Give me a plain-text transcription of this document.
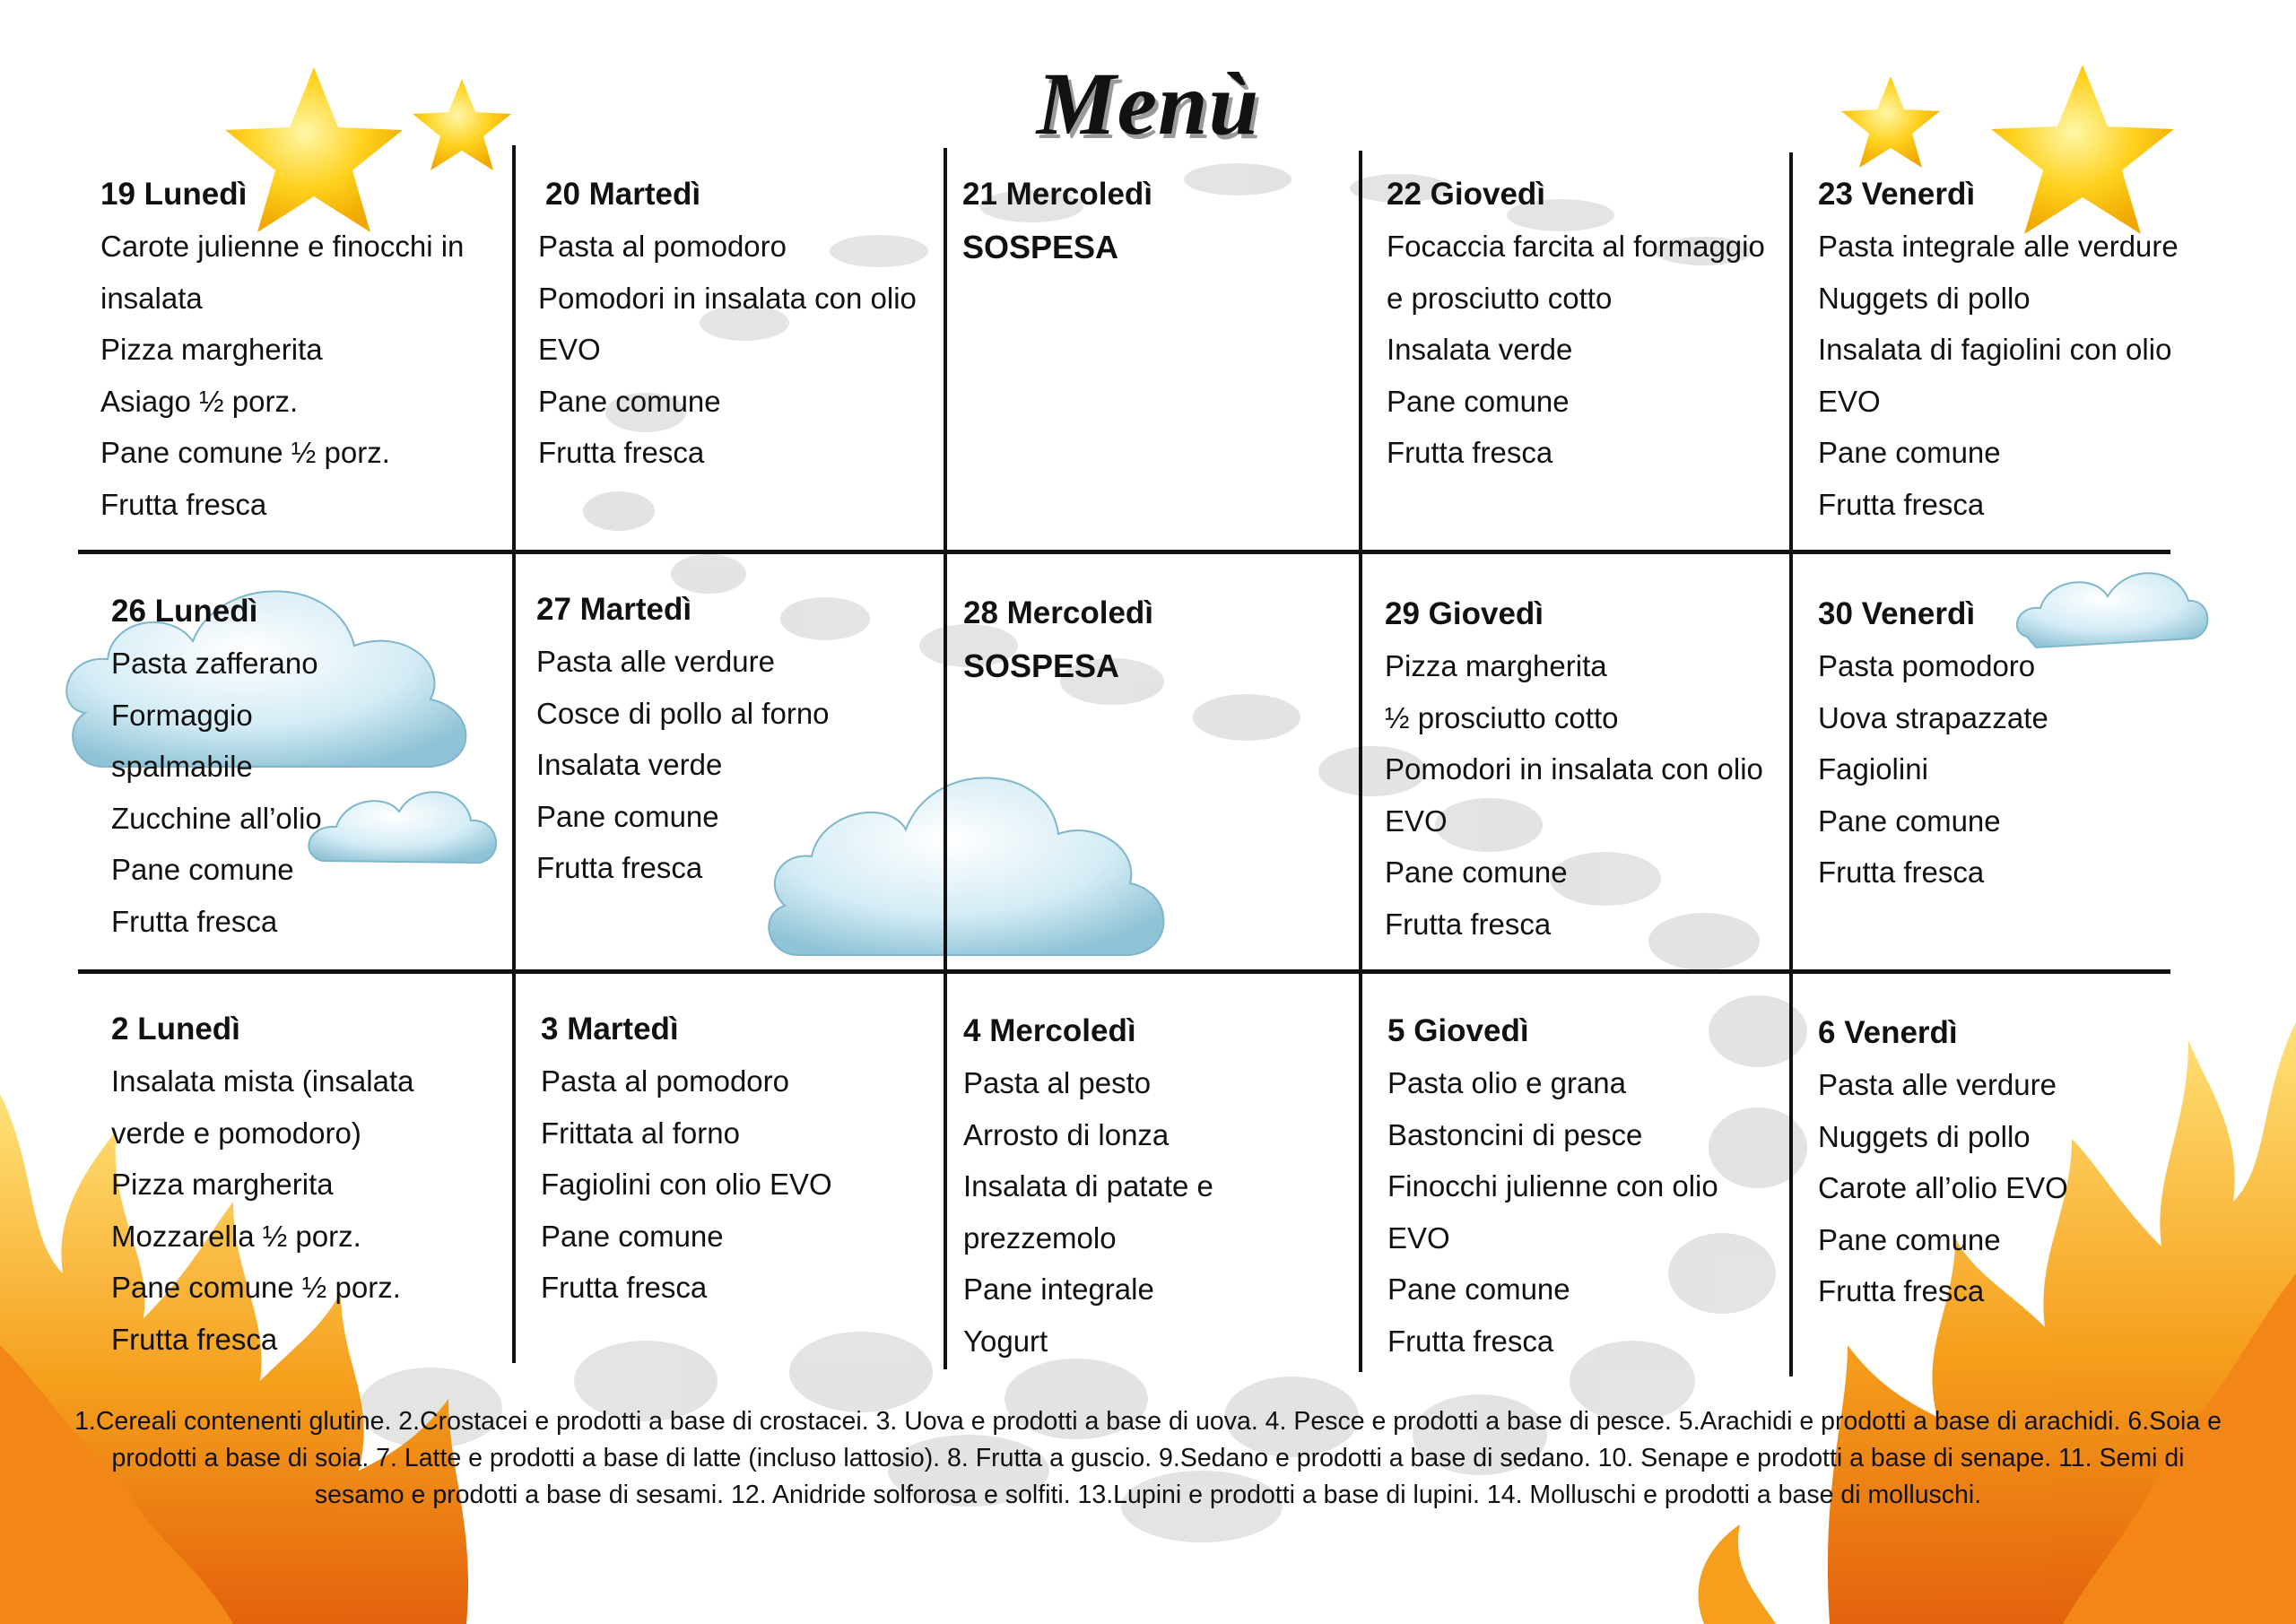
Menù

19 Lunedì

Carote julienne e finocchi in
insalata
Pizza margherita
Asiago ½ porz.
Pane comune ½ porz.
Frutta fresca

20 Martedì

Pasta al pomodoro
Pomodori in insalata con olio
EVO
Pane comune
Frutta fresca

21 Mercoledì

SOSPESA

22 Giovedì

Focaccia farcita al formaggio
e prosciutto cotto
Insalata verde
Pane comune
Frutta fresca

23 Venerdì

Pasta integrale alle verdure
Nuggets di pollo
Insalata di fagiolini con olio
EVO
Pane comune
Frutta fresca

26 Lunedì

Pasta zafferano
Formaggio
spalmabile
Zucchine all’olio
Pane comune
Frutta fresca

27 Martedì

Pasta alle verdure
Cosce di pollo al forno
Insalata verde
Pane comune
Frutta fresca

28 Mercoledì

SOSPESA

29 Giovedì

Pizza margherita
½ prosciutto cotto
Pomodori in insalata con olio
EVO
Pane comune
Frutta fresca

30 Venerdì

Pasta pomodoro
Uova strapazzate
Fagiolini
Pane comune
Frutta fresca

2 Lunedì

Insalata mista (insalata
verde e pomodoro)
Pizza margherita
Mozzarella ½ porz.
Pane comune ½ porz.
Frutta fresca

3 Martedì

Pasta al pomodoro
Frittata al forno
Fagiolini con olio EVO
Pane comune
Frutta fresca

4 Mercoledì

Pasta al pesto
Arrosto di lonza
Insalata di patate e
prezzemolo
Pane integrale
Yogurt

5 Giovedì

Pasta olio e grana
Bastoncini di pesce
Finocchi julienne con olio
EVO
Pane comune
Frutta fresca

6 Venerdì

Pasta alle verdure
Nuggets di pollo
Carote all’olio EVO
Pane comune
Frutta fresca
1.Cereali contenenti glutine. 2.Crostacei e prodotti a base di crostacei. 3. Uova e prodotti a base di uova. 4. Pesce e prodotti a base di pesce. 5.Arachidi e prodotti a base di arachidi. 6.Soia e prodotti a base di soia. 7. Latte e prodotti a base di latte (incluso lattosio). 8. Frutta a guscio. 9.Sedano e prodotti a base di sedano. 10. Senape e prodotti a base di senape. 11. Semi di sesamo e prodotti a base di sesami. 12. Anidride solforosa e solfiti. 13.Lupini e prodotti a base di lupini. 14. Molluschi e prodotti a base di molluschi.
